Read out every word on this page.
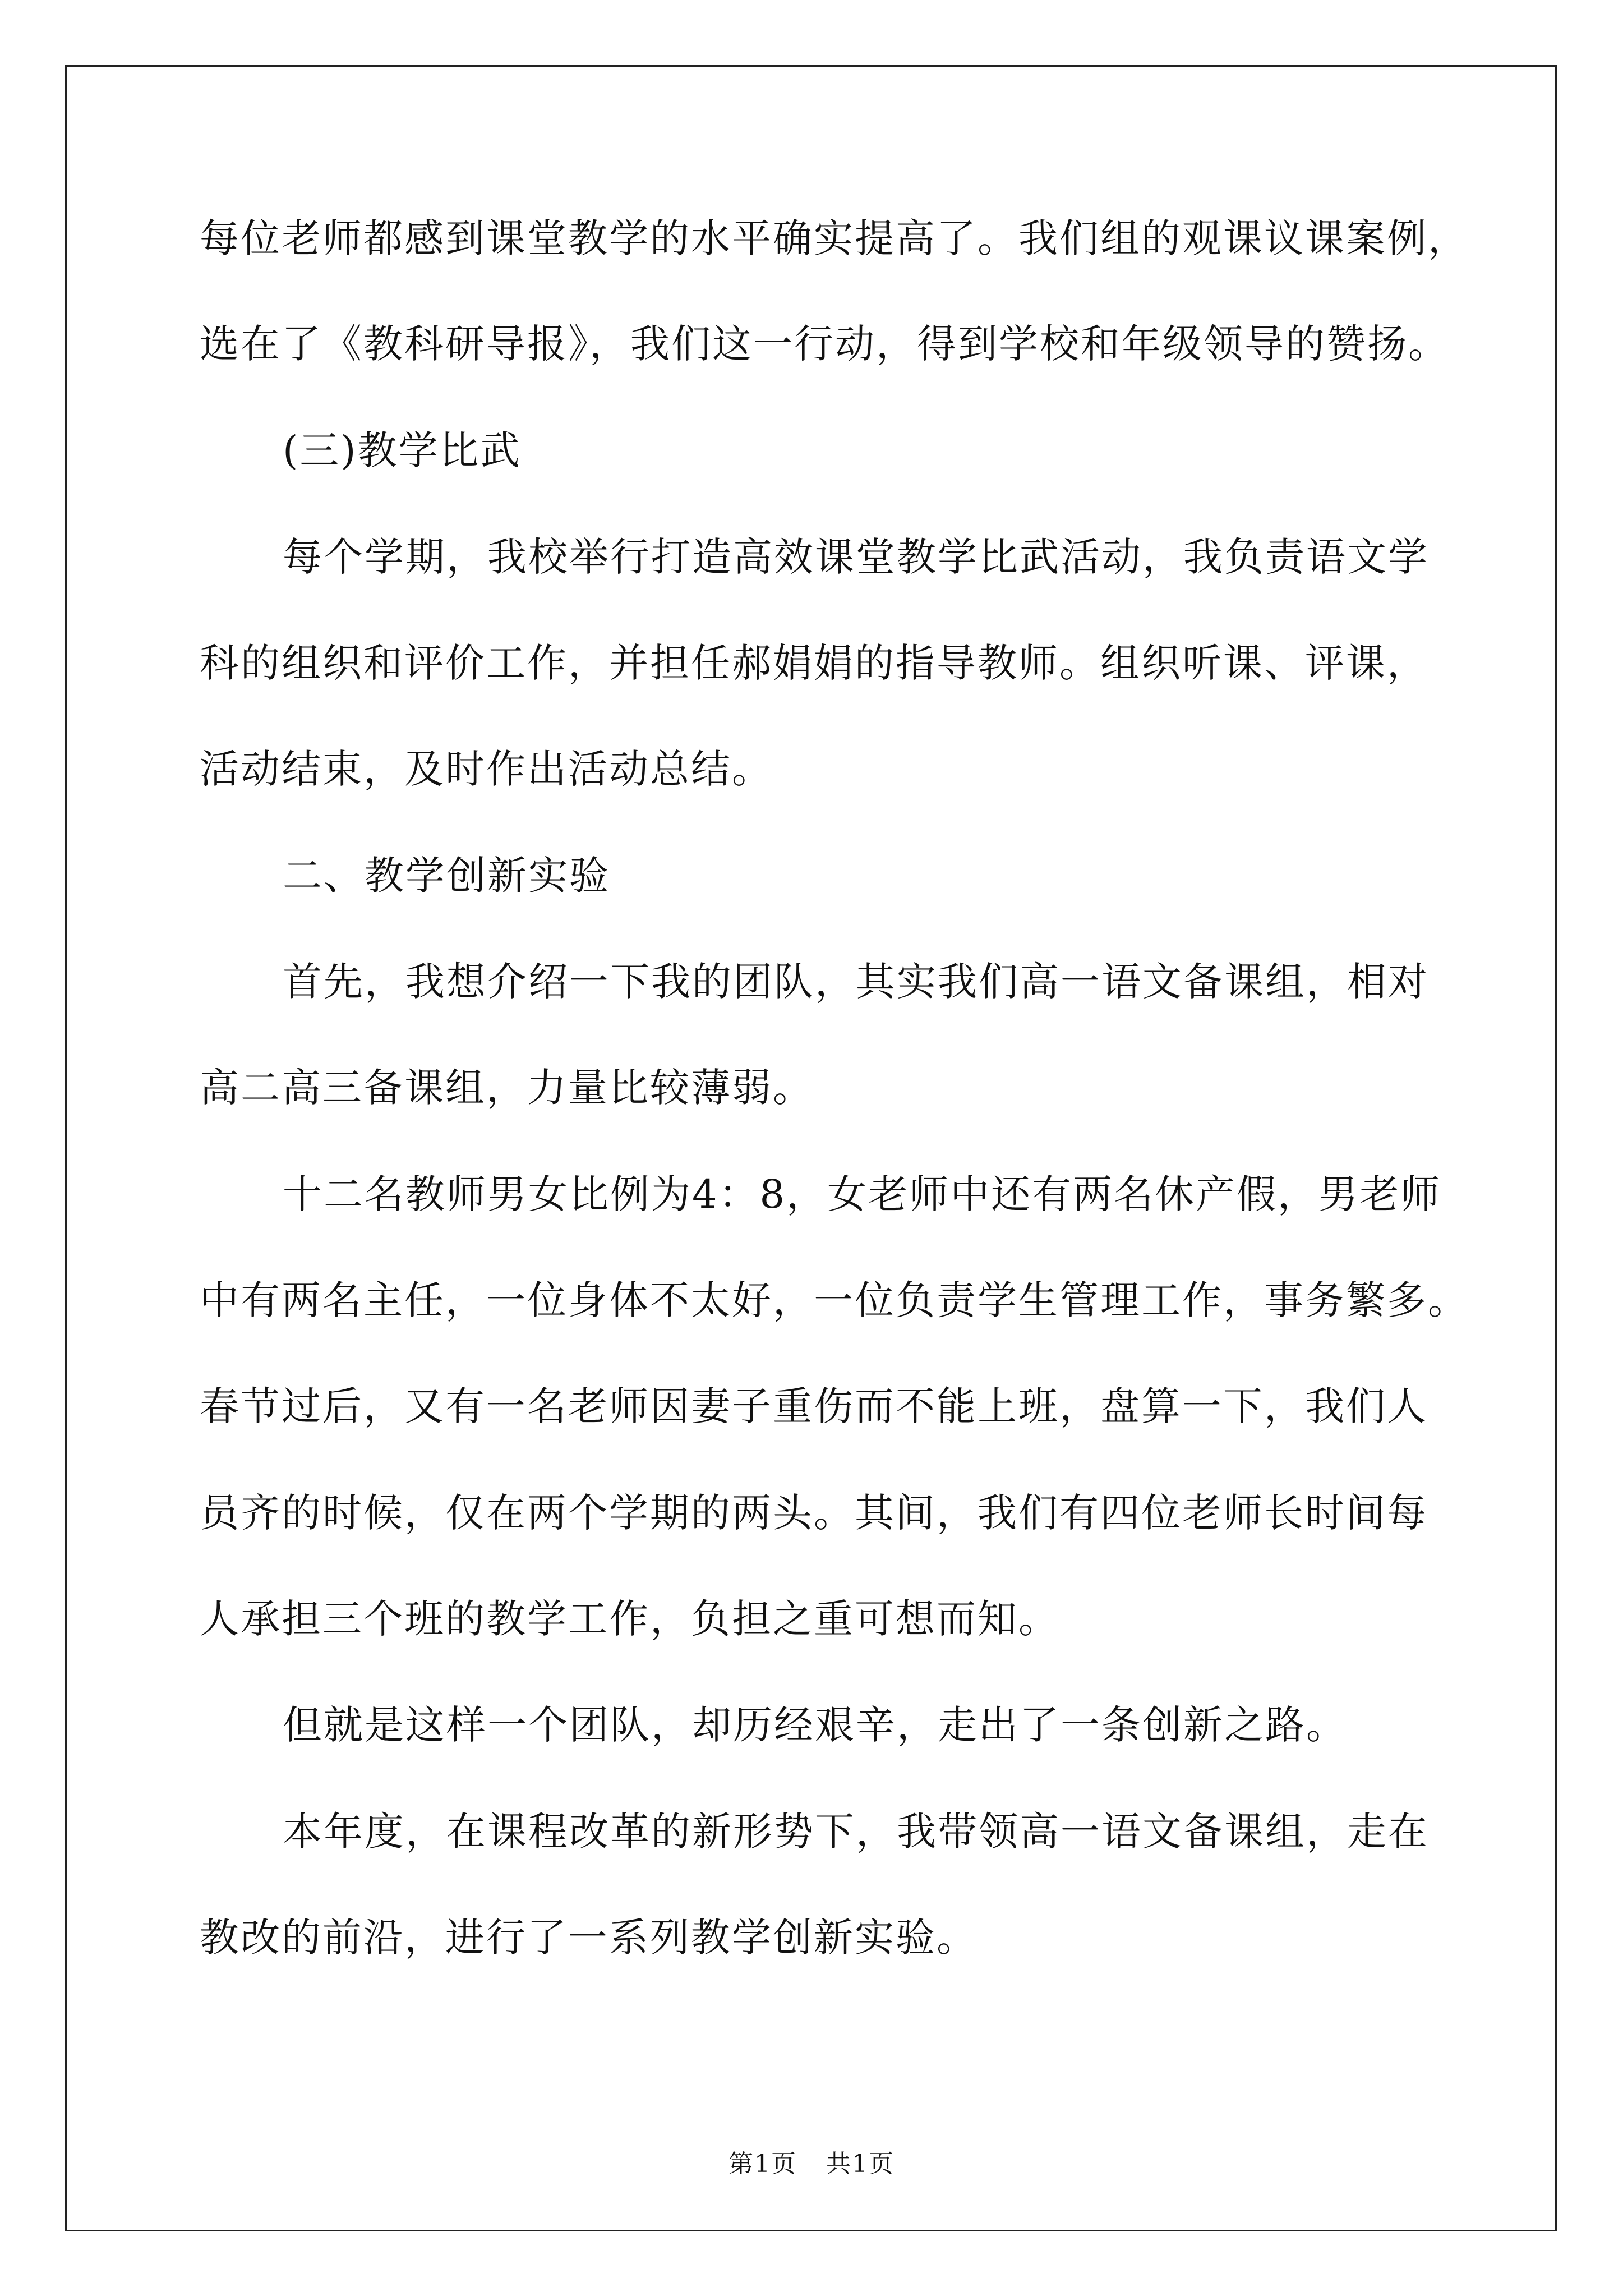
每位老师都感到课堂教学的水平确实提高了。我们组的观课议课案例，
选在了《教科研导报》，我们这一行动，得到学校和年级领导的赞扬。
(三)教学比武
每个学期，我校举行打造高效课堂教学比武活动，我负责语文学
科的组织和评价工作，并担任郝娟娟的指导教师。组织听课、评课，
活动结束，及时作出活动总结。
二、教学创新实验
首先，我想介绍一下我的团队，其实我们高一语文备课组，相对
高二高三备课组，力量比较薄弱。
十二名教师男女比例为4：8，女老师中还有两名休产假，男老师
中有两名主任，一位身体不太好，一位负责学生管理工作，事务繁多。
春节过后，又有一名老师因妻子重伤而不能上班，盘算一下，我们人
员齐的时候，仅在两个学期的两头。其间，我们有四位老师长时间每
人承担三个班的教学工作，负担之重可想而知。
但就是这样一个团队，却历经艰辛，走出了一条创新之路。
本年度，在课程改革的新形势下，我带领高一语文备课组，走在
教改的前沿，进行了一系列教学创新实验。
第1页 共1页
